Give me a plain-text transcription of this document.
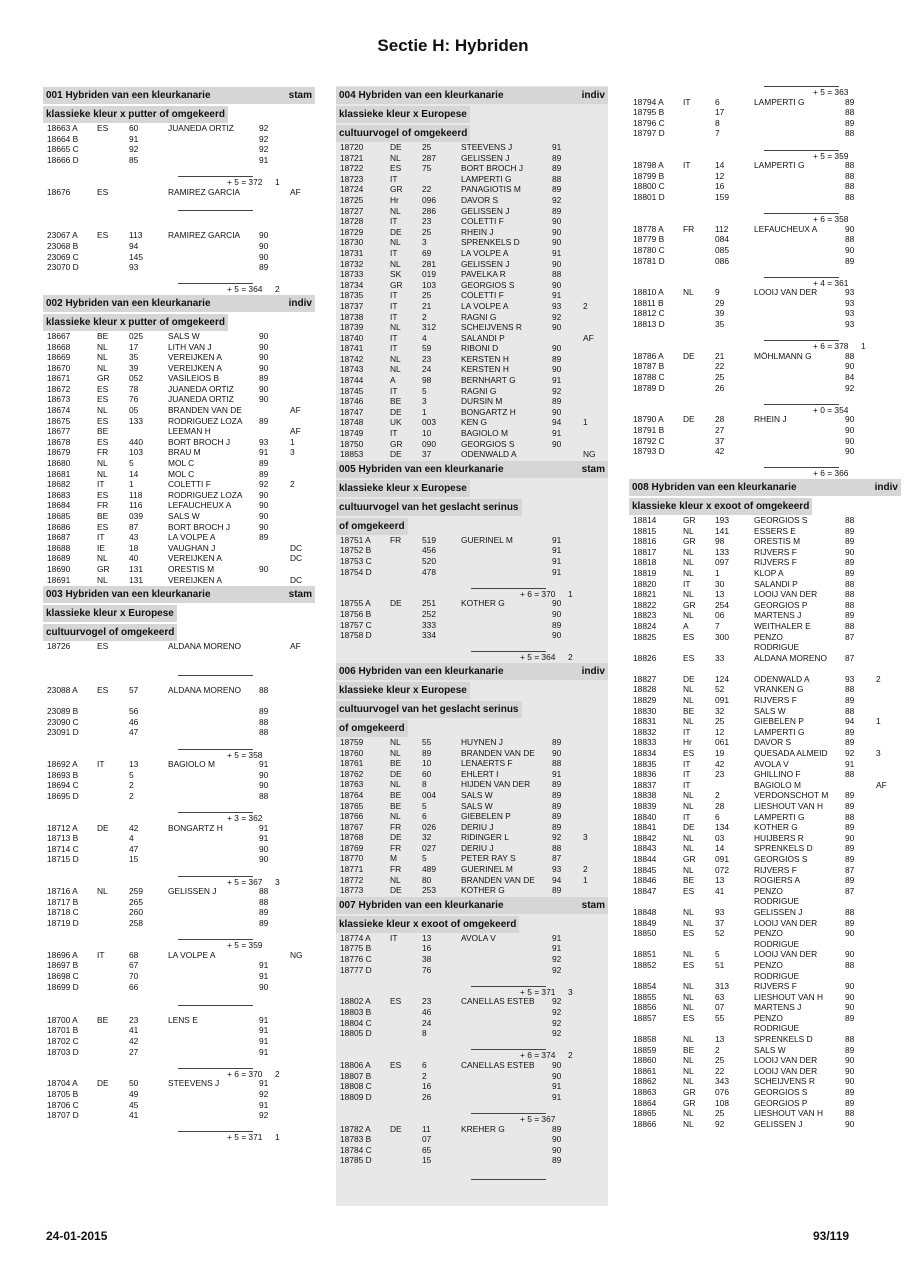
Sectie H: Hybriden
001 Hybriden van een kleurkanarie	stam
klassieke kleur x putter of omgekeerd
18663 A ES 60	JUANEDA ORTIZ	92
18664 B	91	92
18665 C	92	92
18666 D	85	91
+ 5 = 372 1
18676	ES	RAMIREZ GARCIA	AF
23067 A ES 113	RAMIREZ GARCIA 90
23068 B	94	90
23069 C	145	90
23070 D	93	89
+ 5 = 364 2
002 Hybriden van een kleurkanarie	indiv
klassieke kleur x putter of omgekeerd
18667	BE 025	SALS W	90
18668	NL	17	LITH VAN J	90
18669	NL	35	VEREIJKEN A	90
18670	NL	39	VEREIJKEN A	90
18671	GR 052	VASILEIOS B	89
18672	ES 78	JUANEDA ORTIZ	90
18673	ES 76	JUANEDA ORTIZ	90
18674	NL	05	BRANDEN VAN DE	AF
18675	ES 133	RODRIGUEZ LOZA 89
18677	BE	LEEMAN H	AF
18678	ES 440	BORT BROCH J	93	1
18679	FR 103	BRAU M	91	3
18680	NL	5	MOL C	89
18681	NL	14	MOL C	89
18682	IT	1	COLETTI F	92	2
18683	ES 118	RODRIGUEZ LOZA 90
18684	FR 116	LEFAUCHEUX A	90
18685	BE 039	SALS W	90
18686	ES 87	BORT BROCH J	90
18687	IT	43	LA VOLPE A	89
18688	IE	18	VAUGHAN J	DC
18689	NL	40	VEREIJKEN A	DC
18690	GR 131	ORESTIS M	90
18691	NL	131	VEREIJKEN A	DC
003 Hybriden van een kleurkanarie	stam
klassieke kleur x Europese
cultuurvogel of omgekeerd
18726	ES	ALDANA MORENO	AF
23088 A ES 57	ALDANA MORENO 88
23089 B	56	89
23090 C	46	88
23091 D	47	88
+ 5 = 358
18692 A IT	13	BAGIOLO M	91
18693 B	5	90
18694 C	2	90
18695 D	2	88
+ 3 = 362
18712 A DE 42	BONGARTZ H	91
18713 B	4	91
18714 C	47	90
18715 D	15	90
+ 5 = 367 3
18716 A NL	259	GELISSEN J	88
18717 B	265	88
18718 C	260	89
18719 D	258	89
+ 5 = 359
18696 A IT	68	LA VOLPE A	NG
18697 B	67	91
18698 C	70	91
18699 D	66	90
18700 A BE 23	LENS E	91
18701 B	41	91
18702 C	42	91
18703 D	27	91
+ 6 = 370 2
18704 A DE 50	STEEVENS J	91
18705 B	49	92
18706 C	45	91
18707 D	41	92
+ 5 = 371 1
004 Hybriden van een kleurkanarie	indiv
klassieke kleur x Europese
cultuurvogel of omgekeerd
18720	DE 25	STEEVENS J	91
18721	NL	287	GELISSEN J	89
18722	ES 75	BORT BROCH J	89
18723	IT	LAMPERTI G	88
18724	GR 22	PANAGIOTIS M	89
18725	Hr	096	DAVOR S	92
18727	NL	286	GELISSEN J	89
18728	IT	23	COLETTI F	90
18729	DE 25	RHEIN J	90
18730	NL	3	SPRENKELS D	90
18731	IT	69	LA VOLPE A	91
18732	NL	281	GELISSEN J	90
18733	SK 019	PAVELKA R	88
18734	GR 103	GEORGIOS S	90
18735	IT	25	COLETTI F	91
18737	IT	21	LA VOLPE A	93	2
18738	IT	2	RAGNI G	92
18739	NL	312	SCHEIJVENS R	90
18740	IT	4	SALANDI P	AF
18741	IT	59	RIBONI D	90
18742	NL	23	KERSTEN H	89
18743	NL	24	KERSTEN H	90
18744	A	98	BERNHART G	91
18745	IT	5	RAGNI G	92
18746	BE 3	DURSIN M	89
18747	DE 1	BONGARTZ H	90
18748	UK 003	KEN G	94	1
18749	IT	10	BAGIOLO M	91
18750	GR 090	GEORGIOS S	90
18853	DE 37	ODENWALD A	NG
005 Hybriden van een kleurkanarie	stam
klassieke kleur x Europese
cultuurvogel van het geslacht serinus
of omgekeerd
18751 A FR 519	GUERINEL M	91
18752 B	456	91
18753 C	520	91
18754 D	478	91
+ 6 = 370 1
18755 A DE 251	KOTHER G	90
18756 B	252	90
18757 C	333	89
18758 D	334	90
+ 5 = 364 2
006 Hybriden van een kleurkanarie	indiv
klassieke kleur x Europese
cultuurvogel van het geslacht serinus
of omgekeerd
18759	NL	55	HUYNEN J	89
18760	NL	89	BRANDEN VAN DE 90
18761	BE 10	LENAERTS F	88
18762	DE 60	EHLERT I	91
18763	NL	8	HIJDEN VAN DER	89
18764	BE 004	SALS W	89
18765	BE 5	SALS W	89
18766	NL	6	GIEBELEN P	89
18767	FR 026	DERIU J	89
18768	DE 32	RIDINGER L	92	3
18769	FR 027	DERIU J	88
18770	M	5	PETER RAY S	87
18771	FR 489	GUERINEL M	93	2
18772	NL	80	BRANDEN VAN DE 94	1
18773	DE 253	KOTHER G	89
007 Hybriden van een kleurkanarie	stam
klassieke kleur x exoot of omgekeerd
18774 A IT	13	AVOLA V	91
18775 B	16	91
18776 C	38	92
18777 D	76	92
+ 5 = 371 3
18802 A ES 23	CANELLAS ESTEB 92
18803 B	46	92
18804 C	24	92
18805 D	8	92
+ 6 = 374 2
18806 A ES 6	CANELLAS ESTEB 90
18807 B	2	90
18808 C	16	91
18809 D	26	91
+ 5 = 367
18782 A DE 11	KREHER G	89
18783 B	07	90
18784 C	65	90
18785 D	15	89
+ 5 = 363
18794 A IT	6	LAMPERTI G	89
18795 B	17	88
18796 C	8	89
18797 D	7	88
+ 5 = 359
18798 A IT	14	LAMPERTI G	88
18799 B	12	88
18800 C	16	88
18801 D	159	88
+ 6 = 358
18778 A FR 112	LEFAUCHEUX A	90
18779 B	084	88
18780 C	085	90
18781 D	086	89
+ 4 = 361
18810 A NL	9	LOOIJ VAN DER	93
18811 B	29	93
18812 C	39	93
18813 D	35	93
+ 6 = 378 1
18786 A DE 21	MÖHLMANN G	88
18787 B	22	90
18788 C	25	84
18789 D	26	92
+ 0 = 354
18790 A DE 28	RHEIN J	90
18791 B	27	90
18792 C	37	90
18793 D	42	90
+ 6 = 366
008 Hybriden van een kleurkanarie	indiv
klassieke kleur x exoot of omgekeerd
18814	GR 193	GEORGIOS S	88
18815	NL	141	ESSERS E	89
18816	GR 98	ORESTIS M	89
18817	NL	133	RIJVERS F	90
18818	NL	097	RIJVERS F	89
18819	NL	1	KLOP A	89
18820	IT	30	SALANDI P	88
18821	NL	13	LOOIJ VAN DER	88
18822	GR 254	GEORGIOS P	88
18823	NL	06	MARTENS J	89
18824	A	7	WEITHALER E	88
18825	ES 300	PENZO	87
RODRIGUE
18826	ES 33	ALDANA MORENO 87
18827	DE 124	ODENWALD A	93	2
18828	NL	52	VRANKEN G	88
18829	NL	091	RIJVERS F	89
18830	BE 32	SALS W	88
18831	NL	25	GIEBELEN P	94	1
18832	IT	12	LAMPERTI G	89
18833	Hr	061	DAVOR S	89
18834	ES 19	QUESADA ALMEID 92	3
18835	IT	42	AVOLA V	91
18836	IT	23	GHILLINO F	88
18837	IT	BAGIOLO M	AF
18838	NL	2	VERDONSCHOT M 89
18839	NL	28	LIESHOUT VAN H	89
18840	IT	6	LAMPERTI G	88
18841	DE 134	KOTHER G	89
18842	NL	03	HUIJBERS R	90
18843	NL	14	SPRENKELS D	89
18844	GR 091	GEORGIOS S	89
18845	NL	072	RIJVERS F	87
18846	BE 13	ROGIERS A	89
18847	ES 41	PENZO	87
RODRIGUE
18848	NL	93	GELISSEN J	88
18849	NL	37	LOOIJ VAN DER	89
18850	ES 52	PENZO	90
RODRIGUE
18851	NL	5	LOOIJ VAN DER	90
18852	ES 51	PENZO	88
RODRIGUE
18854	NL	313	RIJVERS F	90
18855	NL	63	LIESHOUT VAN H	90
18856	NL	07	MARTENS J	90
18857	ES 55	PENZO	89
RODRIGUE
18858	NL	13	SPRENKELS D	88
18859	BE 2	SALS W	89
18860	NL	25	LOOIJ VAN DER	90
18861	NL	22	LOOIJ VAN DER	90
18862	NL	343	SCHEIJVENS R	90
18863	GR 076	GEORGIOS S	89
18864	GR 108	GEORGIOS P	89
18865	NL	25	LIESHOUT VAN H	88
18866	NL	92	GELISSEN J	90
24-01-2015	93/119
